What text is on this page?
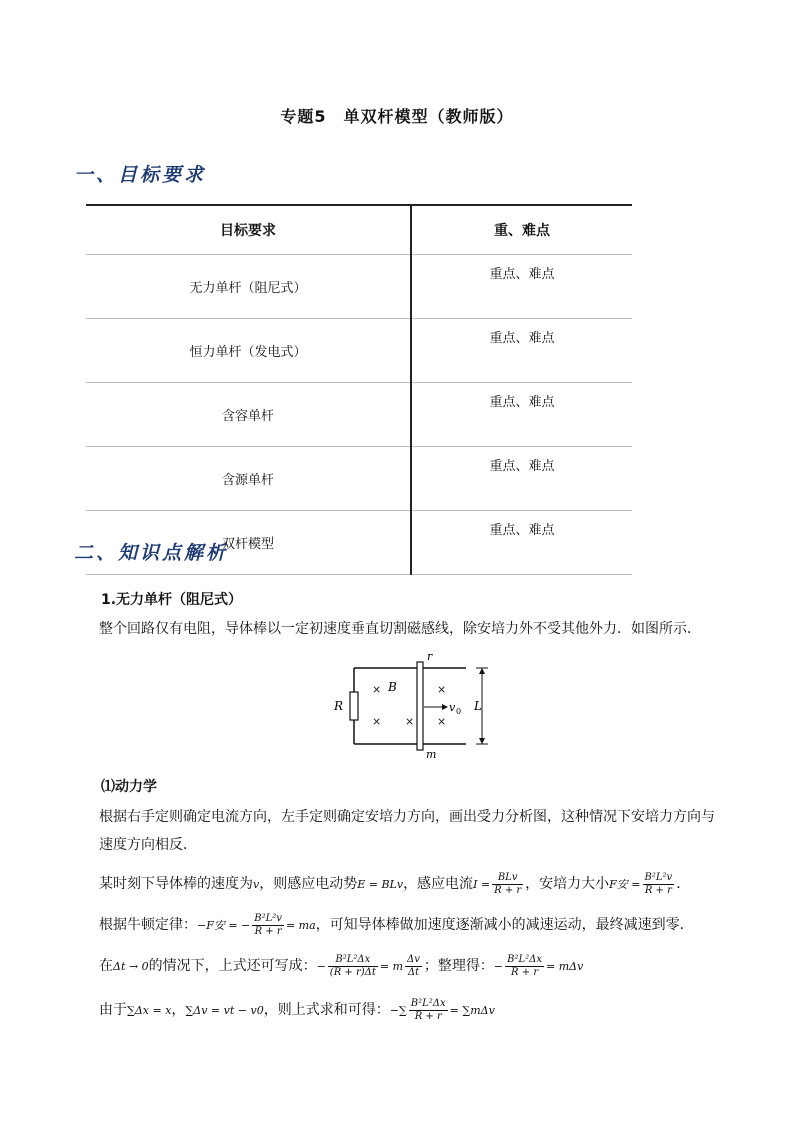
专题5　单双杆模型（教师版）
一、目标要求
目标要求	重、难点
无力单杆（阻尼式）	重点、难点
恒力单杆（发电式）	重点、难点
含容单杆	重点、难点
含源单杆	重点、难点
双杆模型	重点、难点
二、知识点解析
1.无力单杆（阻尼式）
整个回路仅有电阻，导体棒以一定初速度垂直切割磁感线，除安培力外不受其他外力．如图所示．
R
r
m
×
× ×
×
×
B
v 0 L
⑴动力学
根据右手定则确定电流方向，左手定则确定安培力方向，画出受力分析图，这种情况下安培力方向与
速度方向相反．
某时刻下导体棒的速度为v，则感应电动势E = BLv，感应电流$I = \frac{\text{BLv}}{R + r}$ ，安培力大小F安 = $\frac{\text{B²L²v}}{R + r}$ ．
根据牛顿定律：−F安 = − $\frac{\text{B²L²v}}{R + r}$ = ma，可知导体棒做加速度逐渐减小的减速运动，最终减速到零．
在Δt → 0的情况下，上式还可写成：− $\frac{\text{B²L²Δx}}{(R + r)\Delta t} = m \frac{\Delta v}{\Delta t}$ ；整理得：− $\frac{\text{B²L²Δx}}{R + r} = m\Delta v$
由于∑Δx = x，∑Δv = vt − v0，则上式求和可得：−∑ $\frac{\text{B²L²Δx}}{R + r} = \sum m\Delta v$
